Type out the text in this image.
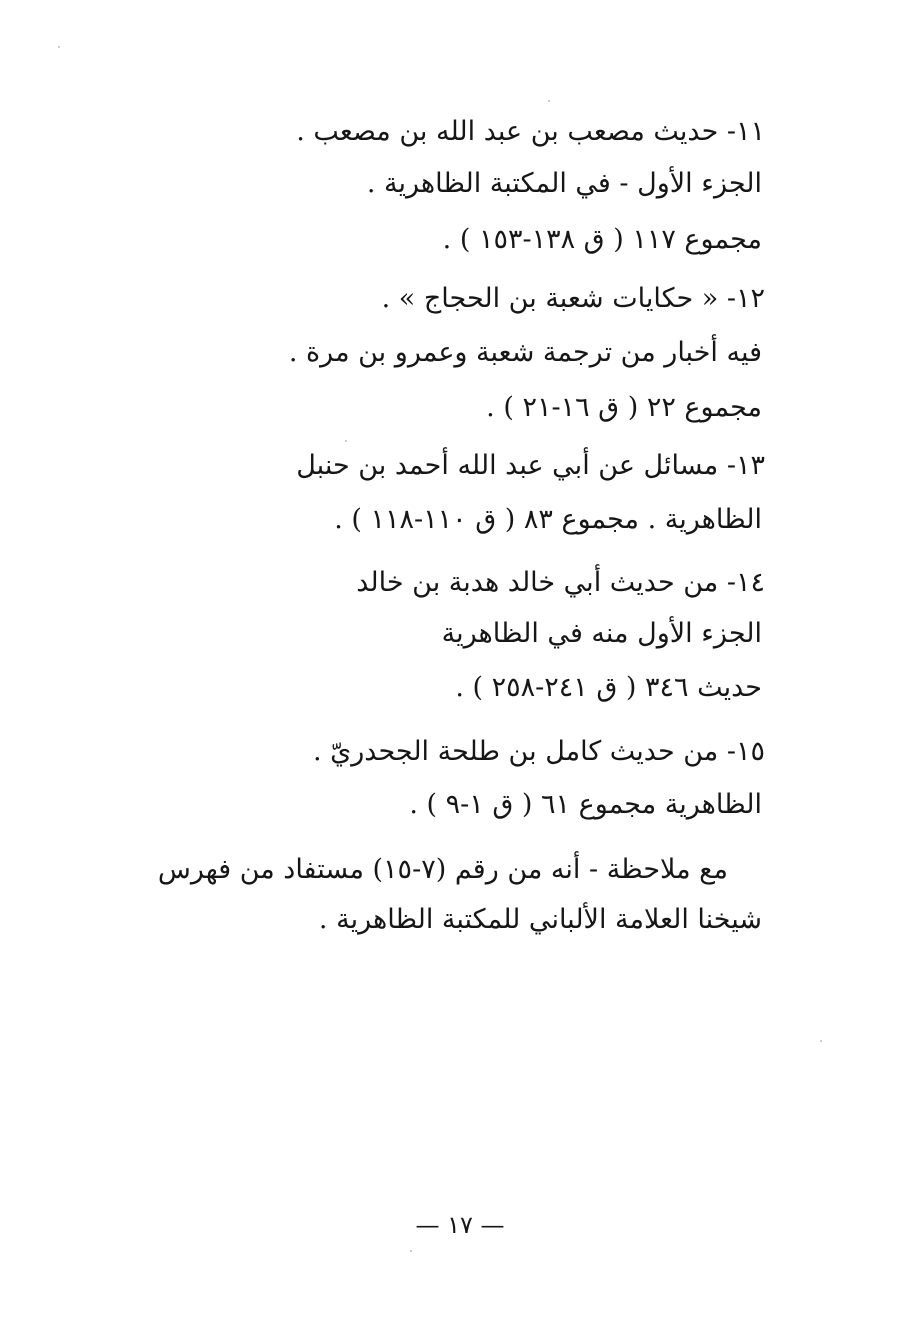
١١- حديث مصعب بن عبد الله بن مصعب .
الجزء الأول - في المكتبة الظاهرية .
مجموع ١١٧ ( ق ١٣٨-١٥٣ ) .
١٢- « حكايات شعبة بن الحجاج » .
فيه أخبار من ترجمة شعبة وعمرو بن مرة .
مجموع ٢٢ ( ق ١٦-٢١ ) .
١٣- مسائل عن أبي عبد الله أحمد بن حنبل
الظاهرية . مجموع ٨٣ ( ق ١١٠-١١٨ ) .
١٤- من حديث أبي خالد هدبة بن خالد
الجزء الأول منه في الظاهرية
حديث ٣٤٦ ( ق ٢٤١-٢٥٨ ) .
١٥- من حديث كامل بن طلحة الجحدريّ .
الظاهرية مجموع ٦١ ( ق ١-٩ ) .
مع ملاحظة - أنه من رقم (٧-١٥) مستفاد من فهرس
شيخنا العلامة الألباني للمكتبة الظاهرية .
— ١٧ —
